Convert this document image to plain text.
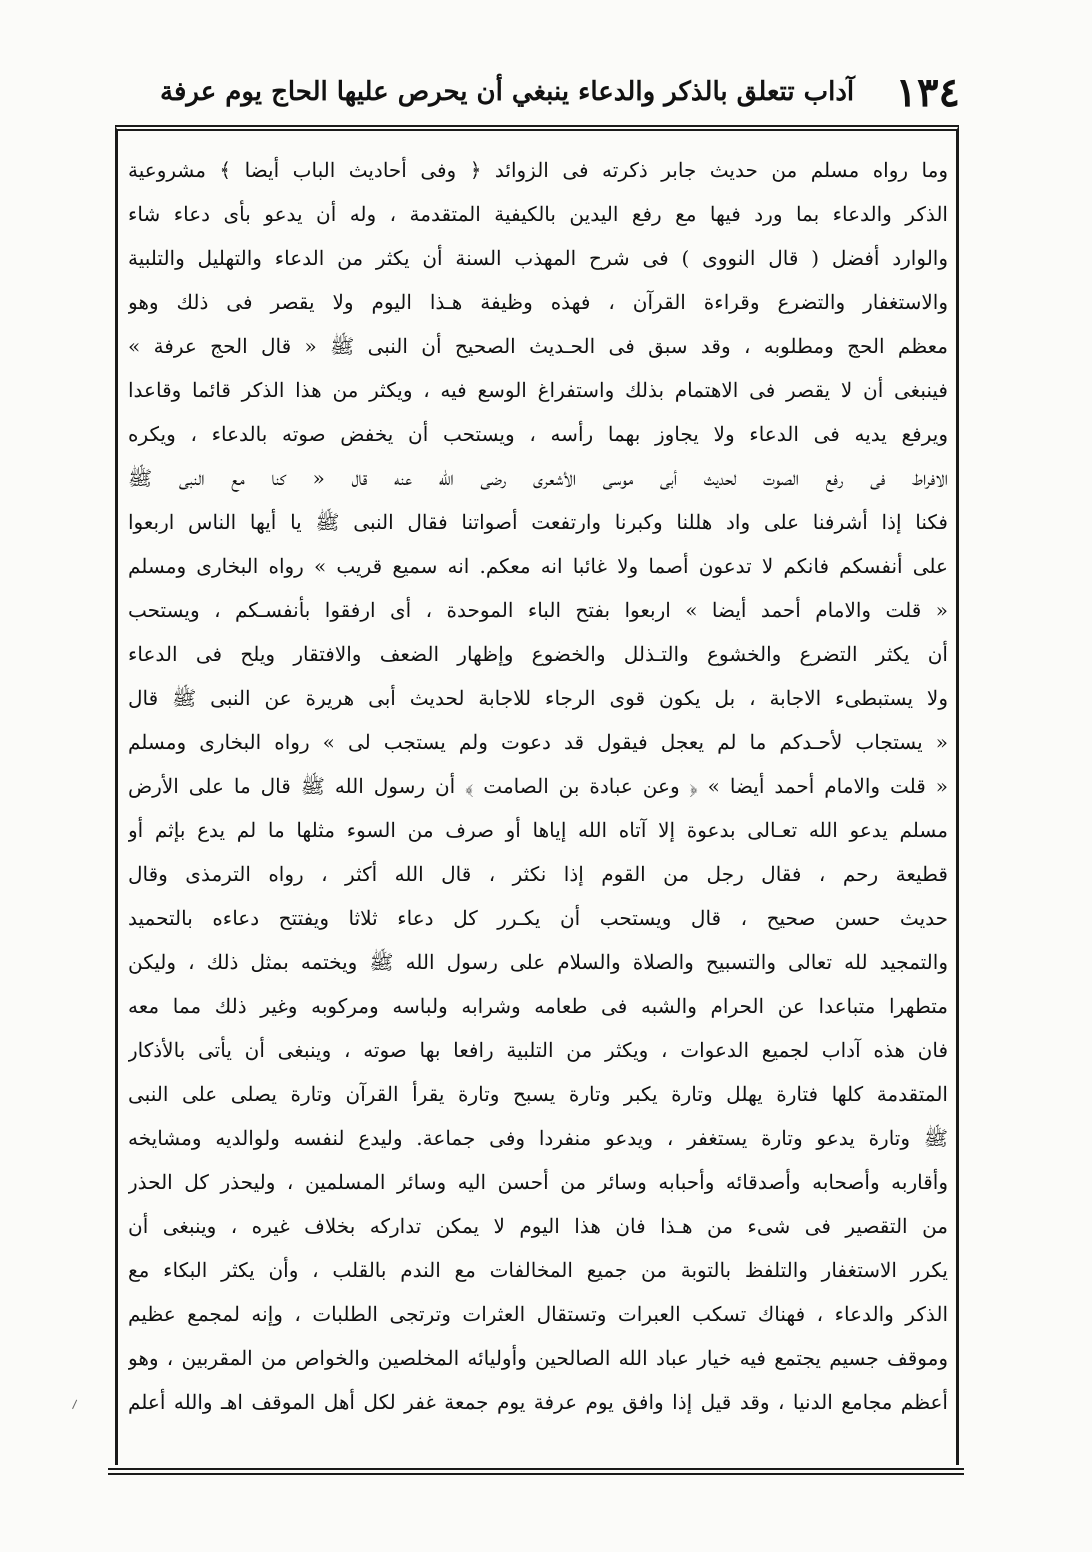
١٣٤
آداب تتعلق بالذكر والدعاء ينبغي أن يحرص عليها الحاج يوم عرفة
وما رواه مسلم من حديث جابر ذكرته فى الزوائد ﴿ وفى أحاديث الباب أيضا ﴾ مشروعية
الذكر والدعاء بما ورد فيها مع رفع اليدين بالكيفية المتقدمة ، وله أن يدعو بأى دعاء شاء
والوارد أفضل ( قال النووى ) فى شرح المهذب السنة أن يكثر من الدعاء والتهليل والتلبية
والاستغفار والتضرع وقراءة القرآن ، فهذه وظيفة هـذا اليوم ولا يقصر فى ذلك وهو
معظم الحج ومطلوبه ، وقد سبق فى الحـديث الصحيح أن النبى ﷺ « قال الحج عرفة »
فينبغى أن لا يقصر فى الاهتمام بذلك واستفراغ الوسع فيه ، ويكثر من هذا الذكر قائما وقاعدا
ويرفع يديه فى الدعاء ولا يجاوز بهما رأسه ، ويستحب أن يخفض صوته بالدعاء ، ويكره
الافراط فى رفع الصوت لحديث أبى موسى الأشعرى رضى الله عنه قال « كنا مع النبى ﷺ
فكنا إذا أشرفنا على واد هللنا وكبرنا وارتفعت أصواتنا فقال النبى ﷺ يا أيها الناس اربعوا
على أنفسكم فانكم لا تدعون أصما ولا غائبا انه معكم. انه سميع قريب » رواه البخارى ومسلم
« قلت والامام أحمد أيضا » اربعوا بفتح الباء الموحدة ، أى ارفقوا بأنفسـكم ، ويستحب
أن يكثر التضرع والخشوع والتـذلل والخضوع وإظهار الضعف والافتقار ويلح فى الدعاء
ولا يستبطىء الاجابة ، بل يكون قوى الرجاء للاجابة لحديث أبى هريرة عن النبى ﷺ قال
« يستجاب لأحـدكم ما لم يعجل فيقول قد دعوت ولم يستجب لى » رواه البخارى ومسلم
« قلت والامام أحمد أيضا » ﴿ وعن عبادة بن الصامت ﴾ أن رسول الله ﷺ قال ما على الأرض
مسلم يدعو الله تعـالى بدعوة إلا آتاه الله إياها أو صرف من السوء مثلها ما لم يدع بإثم أو
قطيعة رحم ، فقال رجل من القوم إذا نكثر ، قال الله أكثر ، رواه الترمذى وقال
حديث حسن صحيح ، قال ويستحب أن يكـرر كل دعاء ثلاثا ويفتتح دعاءه بالتحميد
والتمجيد لله تعالى والتسبيح والصلاة والسلام على رسول الله ﷺ ويختمه بمثل ذلك ، وليكن
متطهرا متباعدا عن الحرام والشبه فى طعامه وشرابه ولباسه ومركوبه وغير ذلك مما معه
فان هذه آداب لجميع الدعوات ، ويكثر من التلبية رافعا بها صوته ، وينبغى أن يأتى بالأذكار
المتقدمة كلها فتارة يهلل وتارة يكبر وتارة يسبح وتارة يقرأ القرآن وتارة يصلى على النبى
ﷺ وتارة يدعو وتارة يستغفر ، ويدعو منفردا وفى جماعة. وليدع لنفسه ولوالديه ومشايخه
وأقاربه وأصحابه وأصدقائه وأحبابه وسائر من أحسن اليه وسائر المسلمين ، وليحذر كل الحذر
من التقصير فى شىء من هـذا فان هذا اليوم لا يمكن تداركه بخلاف غيره ، وينبغى أن
يكرر الاستغفار والتلفظ بالتوبة من جميع المخالفات مع الندم بالقلب ، وأن يكثر البكاء مع
الذكر والدعاء ، فهناك تسكب العبرات وتستقال العثرات وترتجى الطلبات ، وإنه لمجمع عظيم
وموقف جسيم يجتمع فيه خيار عباد الله الصالحين وأوليائه المخلصين والخواص من المقربين ، وهو
أعظم مجامع الدنيا ، وقد قيل إذا وافق يوم عرفة يوم جمعة غفر لكل أهل الموقف اهـ والله أعلم
